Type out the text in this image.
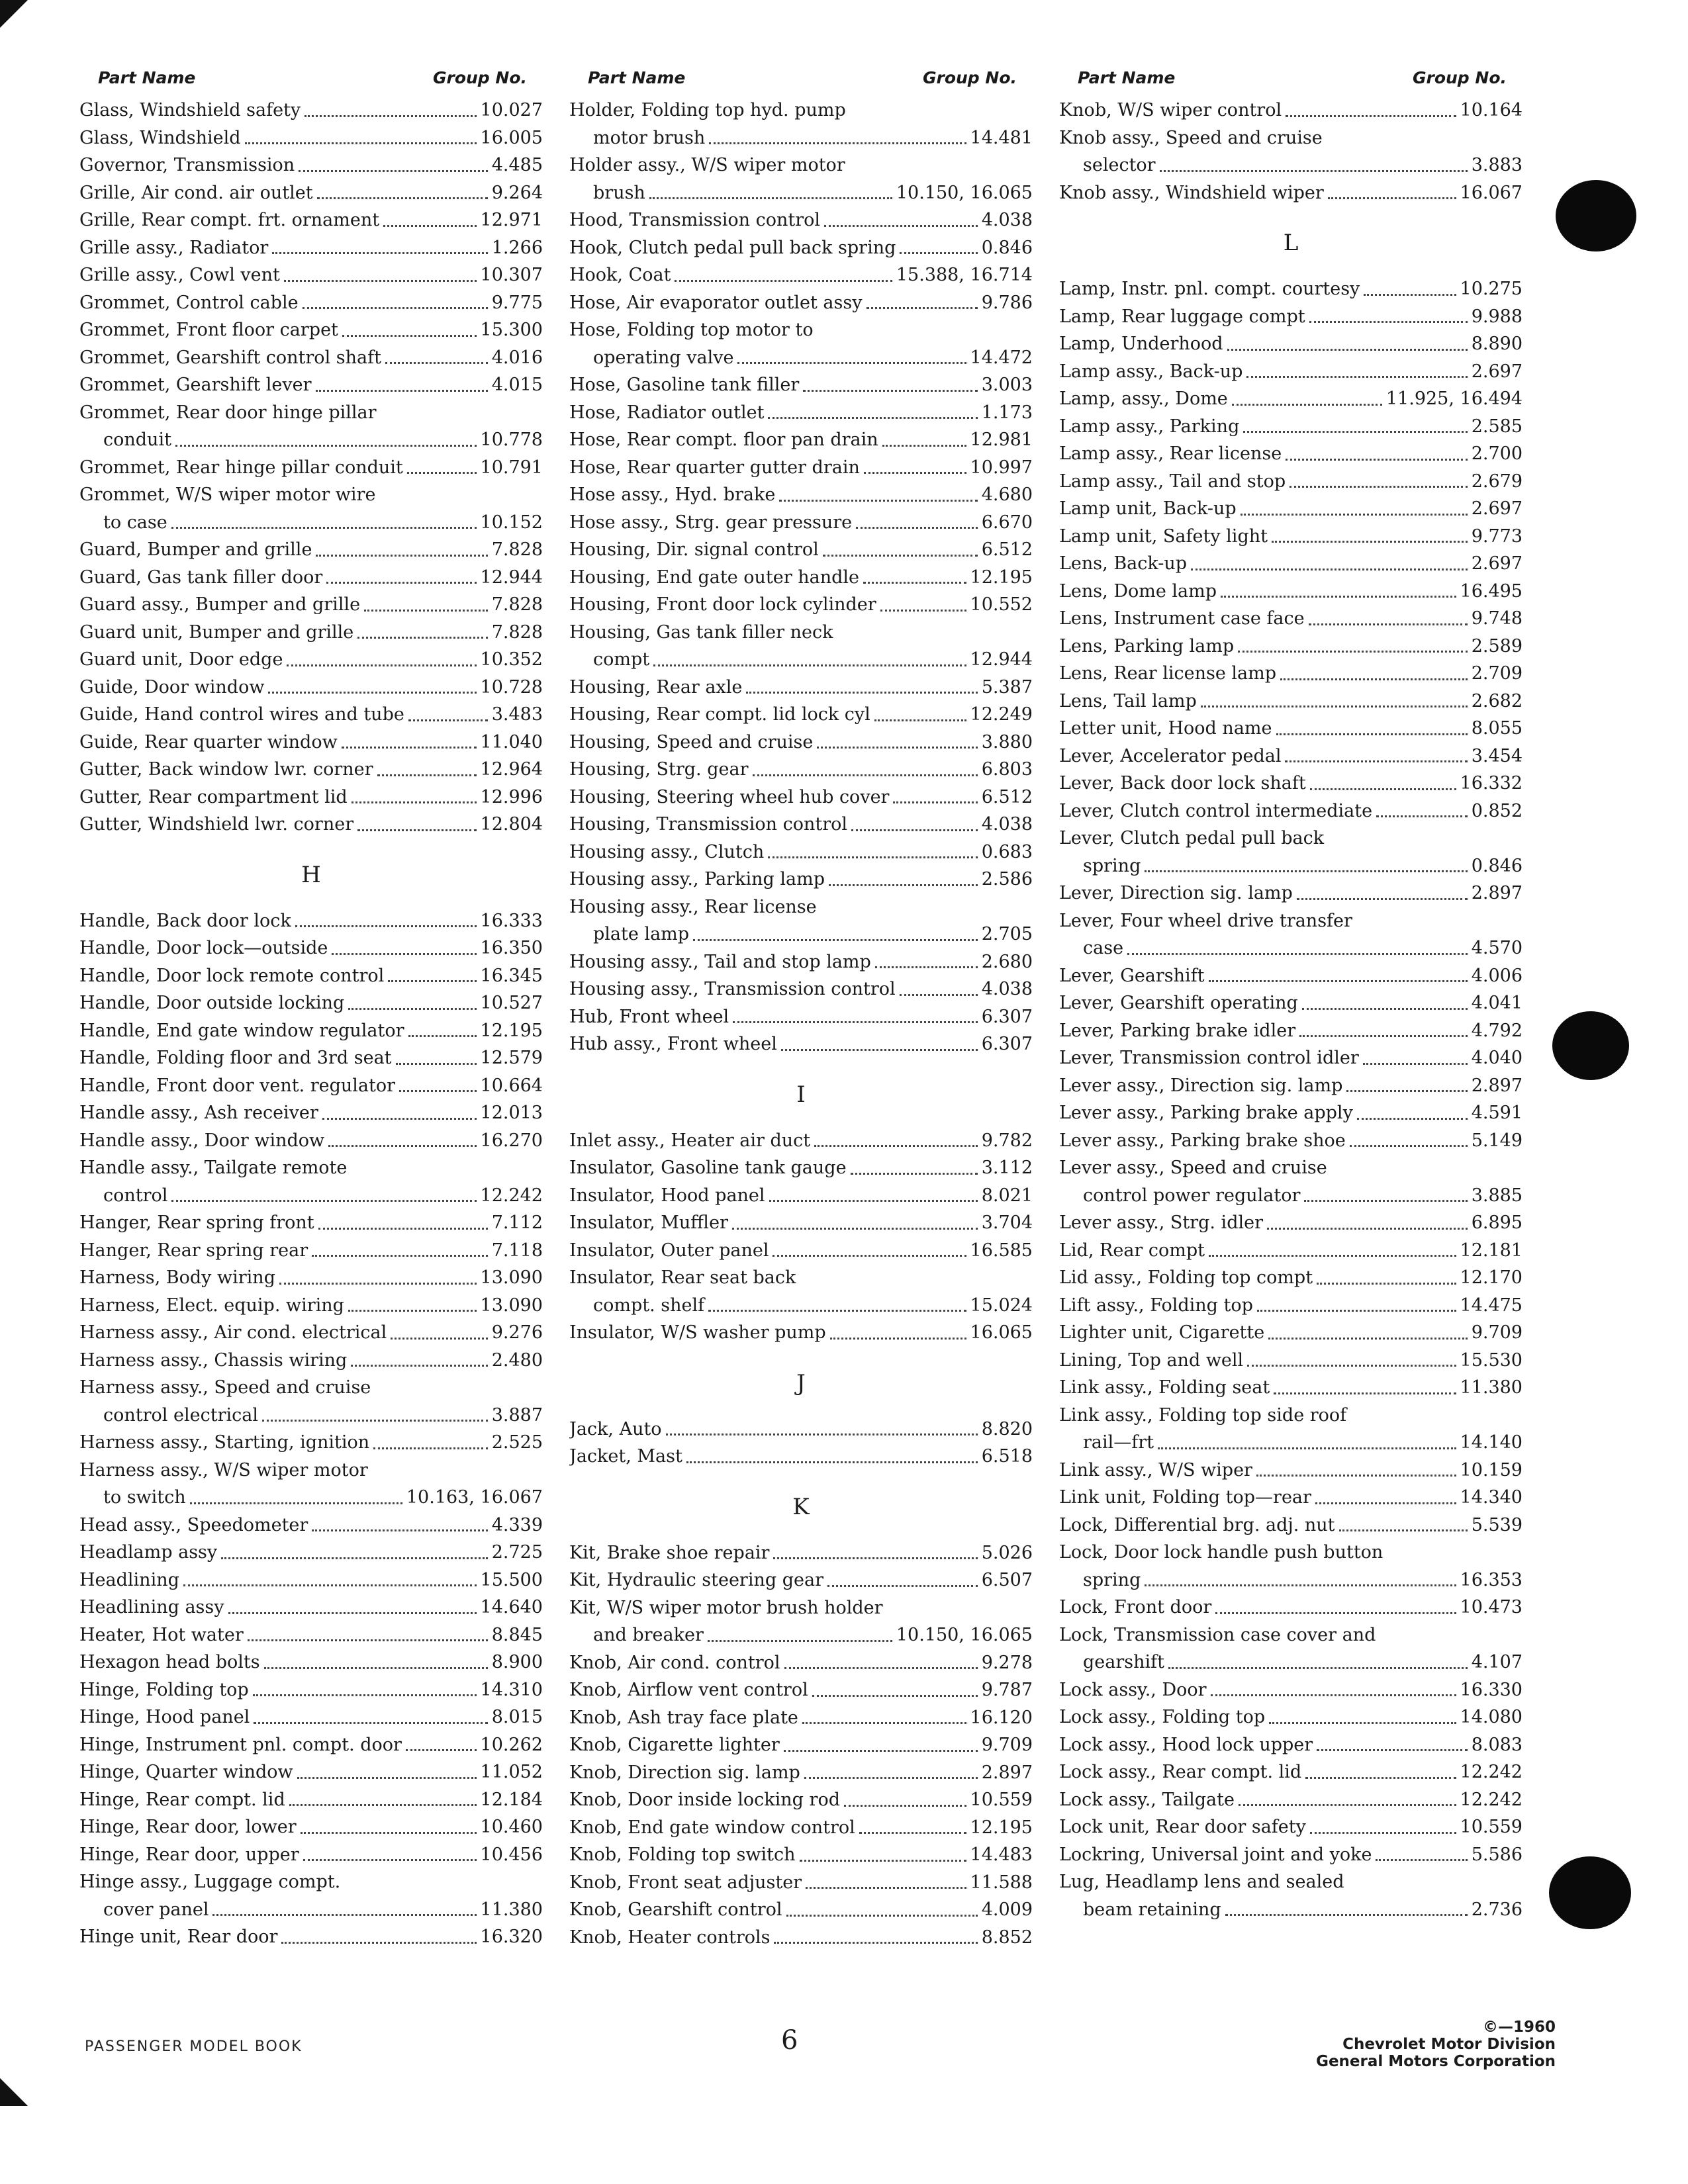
Part Name	Group No.
Glass, Windshield safety	10.027
Glass, Windshield	16.005
Governor, Transmission	4.485
Grille, Air cond. air outlet	9.264
Grille, Rear compt. frt. ornament	12.971
Grille assy., Radiator	1.266
Grille assy., Cowl vent	10.307
Grommet, Control cable	9.775
Grommet, Front floor carpet	15.300
Grommet, Gearshift control shaft	4.016
Grommet, Gearshift lever	4.015
Grommet, Rear door hinge pillar
conduit	10.778
Grommet, Rear hinge pillar conduit	10.791
Grommet, W/S wiper motor wire
to case	10.152
Guard, Bumper and grille	7.828
Guard, Gas tank filler door	12.944
Guard assy., Bumper and grille	7.828
Guard unit, Bumper and grille	7.828
Guard unit, Door edge	10.352
Guide, Door window	10.728
Guide, Hand control wires and tube	3.483
Guide, Rear quarter window	11.040
Gutter, Back window lwr. corner	12.964
Gutter, Rear compartment lid	12.996
Gutter, Windshield lwr. corner	12.804
H
Handle, Back door lock	16.333
Handle, Door lock—outside	16.350
Handle, Door lock remote control	16.345
Handle, Door outside locking	10.527
Handle, End gate window regulator	12.195
Handle, Folding floor and 3rd seat	12.579
Handle, Front door vent. regulator	10.664
Handle assy., Ash receiver	12.013
Handle assy., Door window	16.270
Handle assy., Tailgate remote
control	12.242
Hanger, Rear spring front	7.112
Hanger, Rear spring rear	7.118
Harness, Body wiring	13.090
Harness, Elect. equip. wiring	13.090
Harness assy., Air cond. electrical	9.276
Harness assy., Chassis wiring	2.480
Harness assy., Speed and cruise
control electrical	3.887
Harness assy., Starting, ignition	2.525
Harness assy., W/S wiper motor
to switch	10.163, 16.067
Head assy., Speedometer	4.339
Headlamp assy	2.725
Headlining	15.500
Headlining assy	14.640
Heater, Hot water	8.845
Hexagon head bolts	8.900
Hinge, Folding top	14.310
Hinge, Hood panel	8.015
Hinge, Instrument pnl. compt. door	10.262
Hinge, Quarter window	11.052
Hinge, Rear compt. lid	12.184
Hinge, Rear door, lower	10.460
Hinge, Rear door, upper	10.456
Hinge assy., Luggage compt.
cover panel	11.380
Hinge unit, Rear door	16.320
Part Name	Group No.
Holder, Folding top hyd. pump
motor brush	14.481
Holder assy., W/S wiper motor
brush	10.150, 16.065
Hood, Transmission control	4.038
Hook, Clutch pedal pull back spring	0.846
Hook, Coat	15.388, 16.714
Hose, Air evaporator outlet assy	9.786
Hose, Folding top motor to
operating valve	14.472
Hose, Gasoline tank filler	3.003
Hose, Radiator outlet	1.173
Hose, Rear compt. floor pan drain	12.981
Hose, Rear quarter gutter drain	10.997
Hose assy., Hyd. brake	4.680
Hose assy., Strg. gear pressure	6.670
Housing, Dir. signal control	6.512
Housing, End gate outer handle	12.195
Housing, Front door lock cylinder	10.552
Housing, Gas tank filler neck
compt	12.944
Housing, Rear axle	5.387
Housing, Rear compt. lid lock cyl	12.249
Housing, Speed and cruise	3.880
Housing, Strg. gear	6.803
Housing, Steering wheel hub cover	6.512
Housing, Transmission control	4.038
Housing assy., Clutch	0.683
Housing assy., Parking lamp	2.586
Housing assy., Rear license
plate lamp	2.705
Housing assy., Tail and stop lamp	2.680
Housing assy., Transmission control	4.038
Hub, Front wheel	6.307
Hub assy., Front wheel	6.307
I
Inlet assy., Heater air duct	9.782
Insulator, Gasoline tank gauge	3.112
Insulator, Hood panel	8.021
Insulator, Muffler	3.704
Insulator, Outer panel	16.585
Insulator, Rear seat back
compt. shelf	15.024
Insulator, W/S washer pump	16.065
J
Jack, Auto	8.820
Jacket, Mast	6.518
K
Kit, Brake shoe repair	5.026
Kit, Hydraulic steering gear	6.507
Kit, W/S wiper motor brush holder
and breaker	10.150, 16.065
Knob, Air cond. control	9.278
Knob, Airflow vent control	9.787
Knob, Ash tray face plate	16.120
Knob, Cigarette lighter	9.709
Knob, Direction sig. lamp	2.897
Knob, Door inside locking rod	10.559
Knob, End gate window control	12.195
Knob, Folding top switch	14.483
Knob, Front seat adjuster	11.588
Knob, Gearshift control	4.009
Knob, Heater controls	8.852
Part Name	Group No.
Knob, W/S wiper control	10.164
Knob assy., Speed and cruise
selector	3.883
Knob assy., Windshield wiper	16.067
L
Lamp, Instr. pnl. compt. courtesy	10.275
Lamp, Rear luggage compt	9.988
Lamp, Underhood	8.890
Lamp assy., Back-up	2.697
Lamp, assy., Dome	11.925, 16.494
Lamp assy., Parking	2.585
Lamp assy., Rear license	2.700
Lamp assy., Tail and stop	2.679
Lamp unit, Back-up	2.697
Lamp unit, Safety light	9.773
Lens, Back-up	2.697
Lens, Dome lamp	16.495
Lens, Instrument case face	9.748
Lens, Parking lamp	2.589
Lens, Rear license lamp	2.709
Lens, Tail lamp	2.682
Letter unit, Hood name	8.055
Lever, Accelerator pedal	3.454
Lever, Back door lock shaft	16.332
Lever, Clutch control intermediate	0.852
Lever, Clutch pedal pull back
spring	0.846
Lever, Direction sig. lamp	2.897
Lever, Four wheel drive transfer
case	4.570
Lever, Gearshift	4.006
Lever, Gearshift operating	4.041
Lever, Parking brake idler	4.792
Lever, Transmission control idler	4.040
Lever assy., Direction sig. lamp	2.897
Lever assy., Parking brake apply	4.591
Lever assy., Parking brake shoe	5.149
Lever assy., Speed and cruise
control power regulator	3.885
Lever assy., Strg. idler	6.895
Lid, Rear compt	12.181
Lid assy., Folding top compt	12.170
Lift assy., Folding top	14.475
Lighter unit, Cigarette	9.709
Lining, Top and well	15.530
Link assy., Folding seat	11.380
Link assy., Folding top side roof
rail—frt	14.140
Link assy., W/S wiper	10.159
Link unit, Folding top—rear	14.340
Lock, Differential brg. adj. nut	5.539
Lock, Door lock handle push button
spring	16.353
Lock, Front door	10.473
Lock, Transmission case cover and
gearshift	4.107
Lock assy., Door	16.330
Lock assy., Folding top	14.080
Lock assy., Hood lock upper	8.083
Lock assy., Rear compt. lid	12.242
Lock assy., Tailgate	12.242
Lock unit, Rear door safety	10.559
Lockring, Universal joint and yoke	5.586
Lug, Headlamp lens and sealed
beam retaining	2.736
PASSENGER MODEL BOOK	6	©—1960
Chevrolet Motor Division
General Motors Corporation
